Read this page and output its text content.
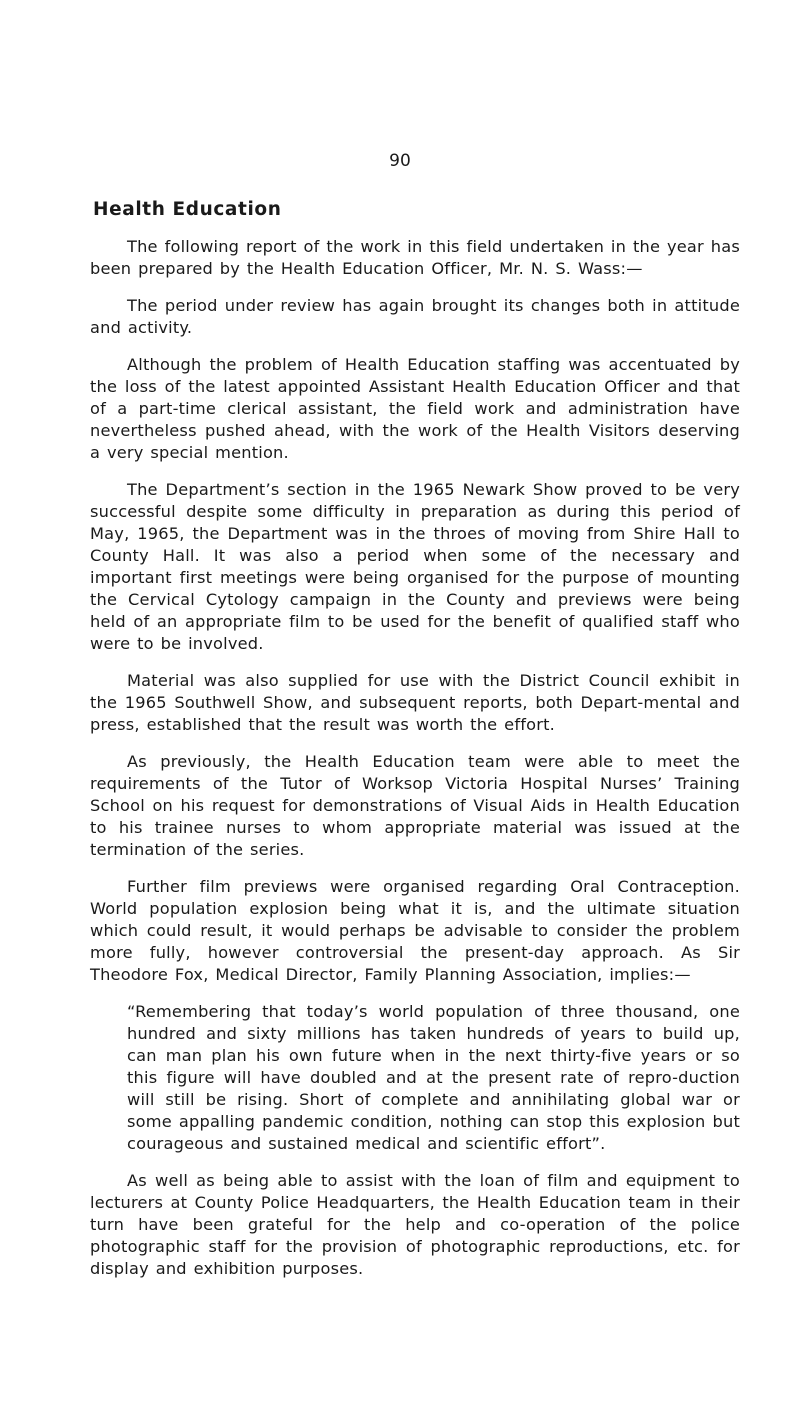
90
Health Education

The following report of the work in this field undertaken in the year has been prepared by the Health Education Officer, Mr. N. S. Wass:—

The period under review has again brought its changes both in attitude and activity.

Although the problem of Health Education staffing was accentuated by the loss of the latest appointed Assistant Health Education Officer and that of a part-time clerical assistant, the field work and administration have nevertheless pushed ahead, with the work of the Health Visitors deserving a very special mention.

The Department’s section in the 1965 Newark Show proved to be very successful despite some difficulty in preparation as during this period of May, 1965, the Department was in the throes of moving from Shire Hall to County Hall. It was also a period when some of the necessary and important first meetings were being organised for the purpose of mounting the Cervical Cytology campaign in the County and previews were being held of an appropriate film to be used for the benefit of qualified staff who were to be involved.

Material was also supplied for use with the District Council exhibit in the 1965 Southwell Show, and subsequent reports, both Depart-mental and press, established that the result was worth the effort.

As previously, the Health Education team were able to meet the requirements of the Tutor of Worksop Victoria Hospital Nurses’ Training School on his request for demonstrations of Visual Aids in Health Education to his trainee nurses to whom appropriate material was issued at the termination of the series.

Further film previews were organised regarding Oral Contraception. World population explosion being what it is, and the ultimate situation which could result, it would perhaps be advisable to consider the problem more fully, however controversial the present-day approach. As Sir Theodore Fox, Medical Director, Family Planning Association, implies:—

“Remembering that today’s world population of three thousand, one hundred and sixty millions has taken hundreds of years to build up, can man plan his own future when in the next thirty-five years or so this figure will have doubled and at the present rate of repro-duction will still be rising. Short of complete and annihilating global war or some appalling pandemic condition, nothing can stop this explosion but courageous and sustained medical and scientific effort”.

As well as being able to assist with the loan of film and equipment to lecturers at County Police Headquarters, the Health Education team in their turn have been grateful for the help and co-operation of the police photographic staff for the provision of photographic reproductions, etc. for display and exhibition purposes.
